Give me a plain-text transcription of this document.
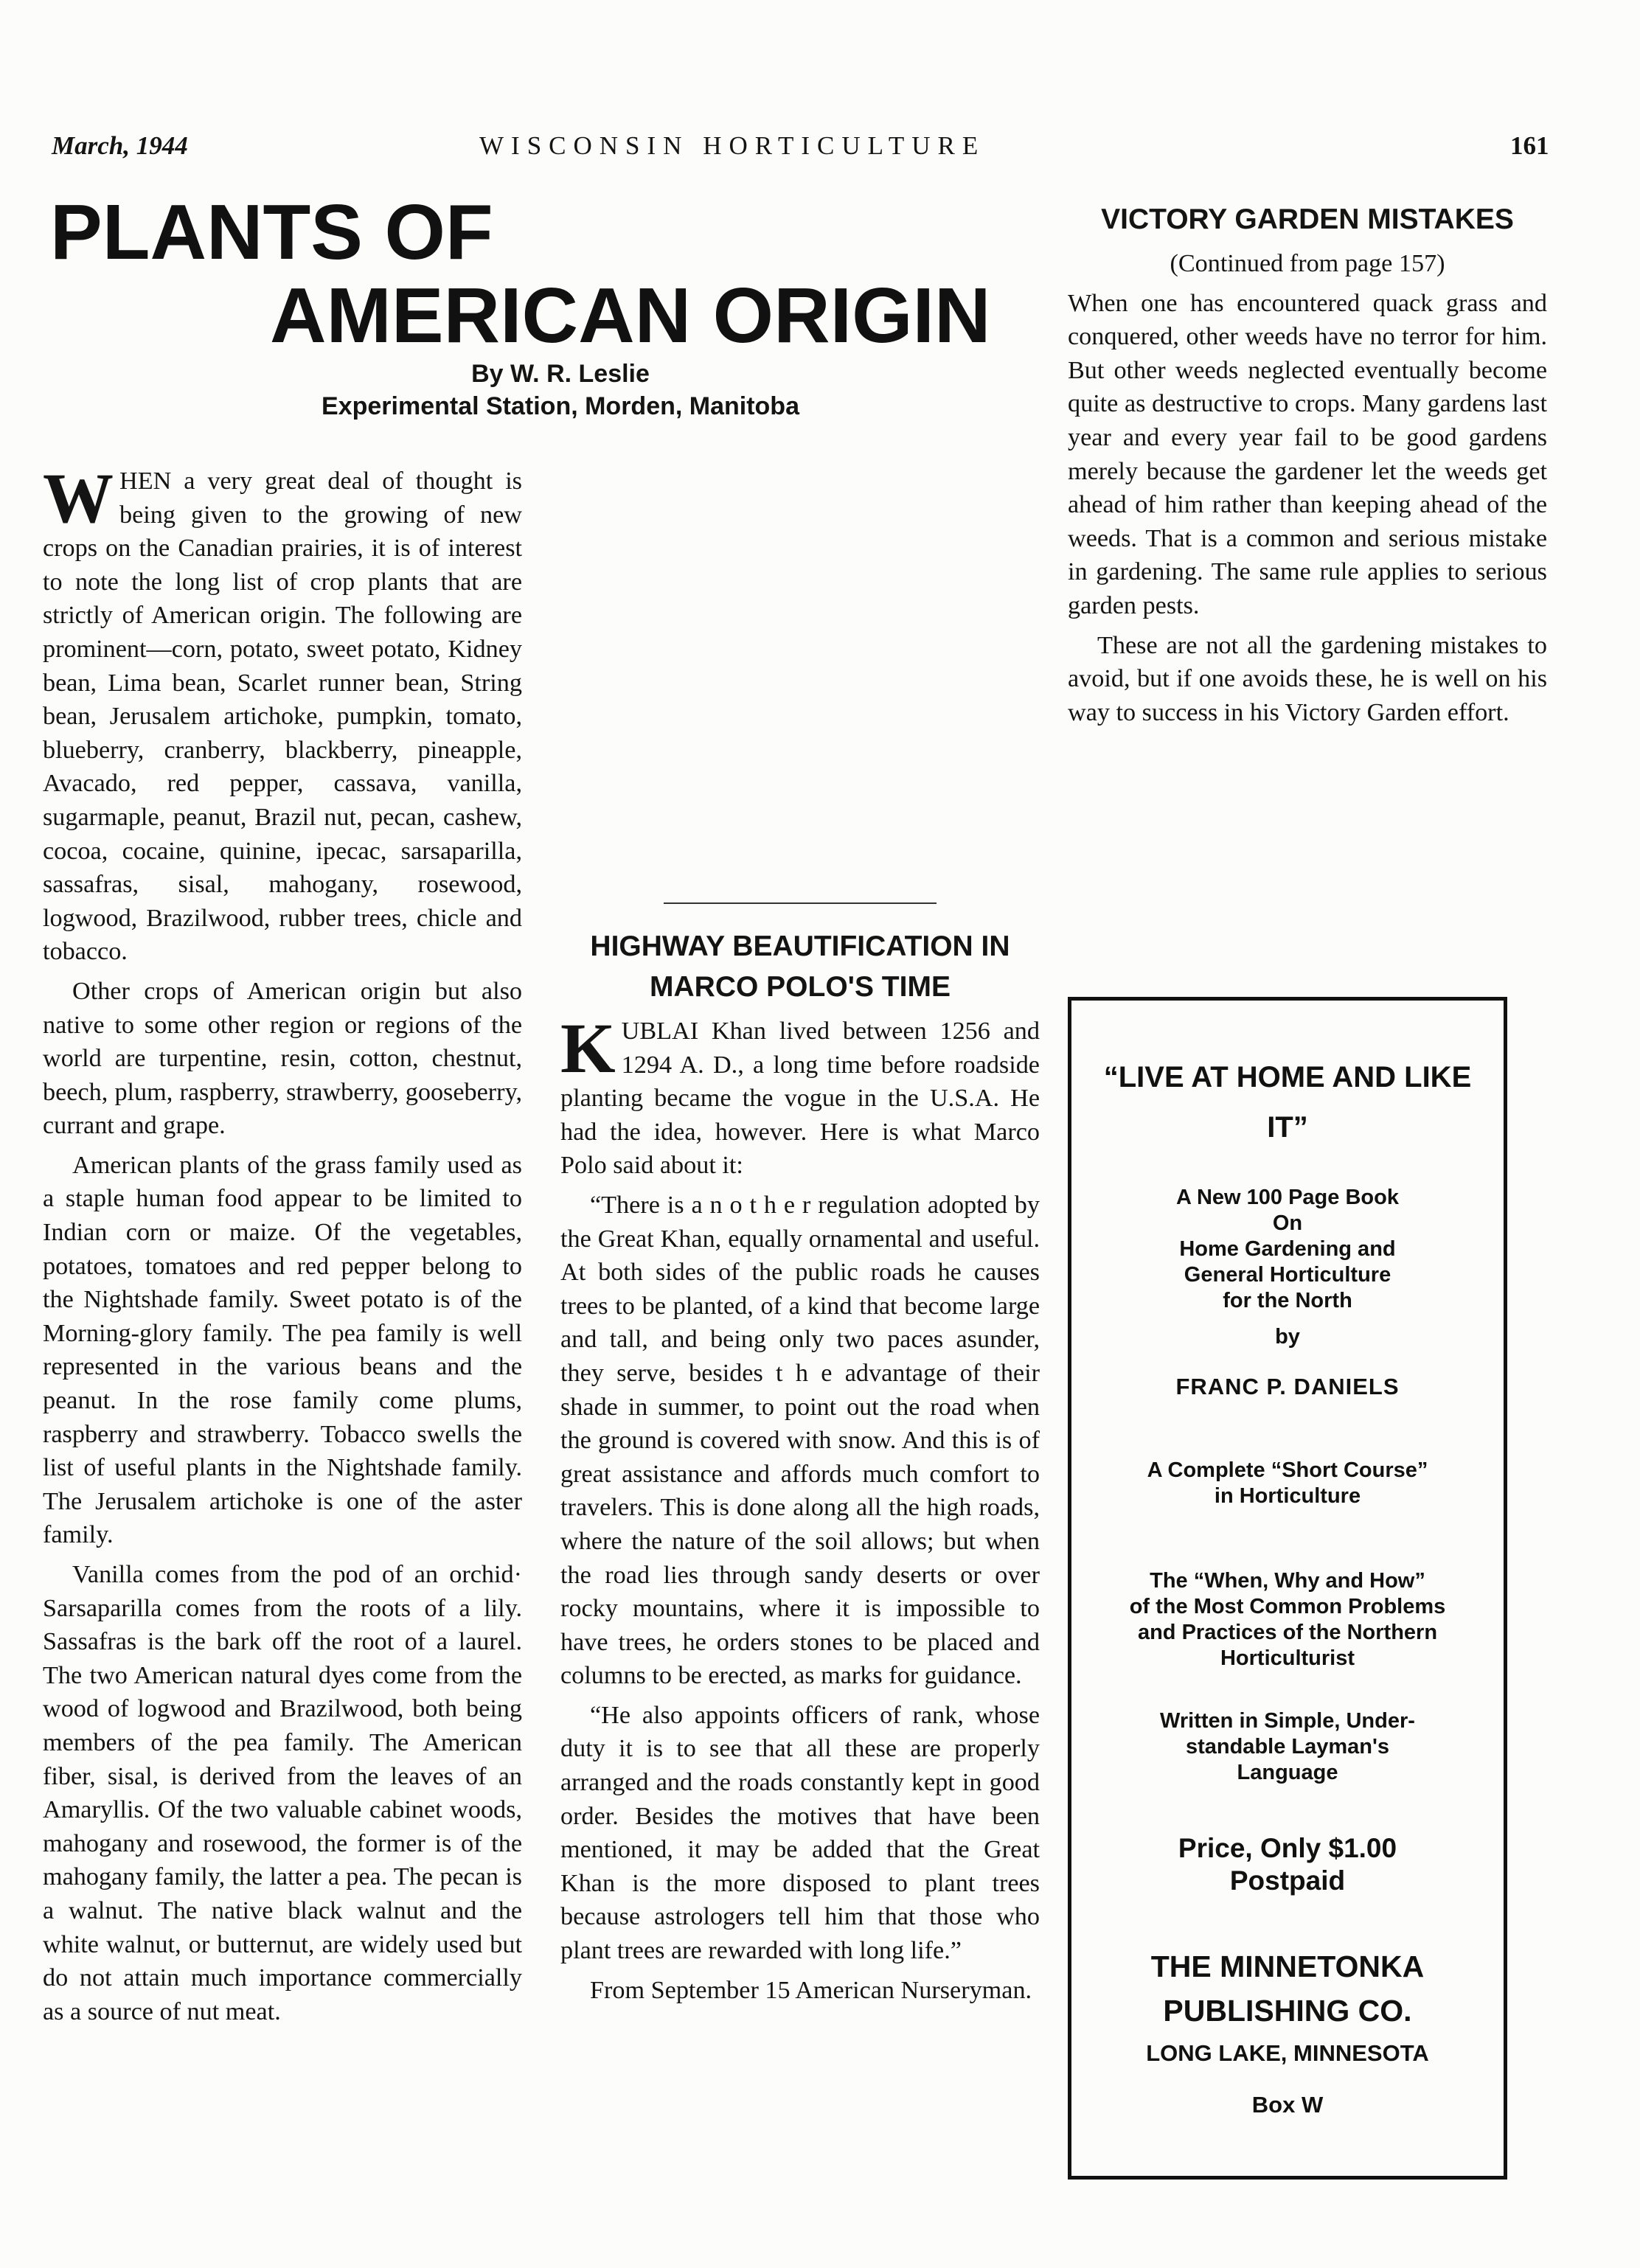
March, 1944	WISCONSIN HORTICULTURE	161
PLANTS OF
AMERICAN ORIGIN
By W. R. Leslie
Experimental Station, Morden, Manitoba

WHEN a very great deal of thought is being given to the growing of new crops on the Canadian prairies, it is of interest to note the long list of crop plants that are strictly of American origin. The following are prominent—corn, potato, sweet potato, Kidney bean, Lima bean, Scarlet runner bean, String bean, Jerusalem artichoke, pumpkin, tomato, blueberry, cranberry, blackberry, pineapple, Avacado, red pepper, cassava, vanilla, sugarmaple, peanut, Brazil nut, pecan, cashew, cocoa, cocaine, quinine, ipecac, sarsaparilla, sassafras, sisal, mahogany, rosewood, logwood, Brazilwood, rubber trees, chicle and tobacco.

Other crops of American origin but also native to some other region or regions of the world are turpentine, resin, cotton, chestnut, beech, plum, raspberry, strawberry, gooseberry, currant and grape.

American plants of the grass family used as a staple human food appear to be limited to Indian corn or maize. Of the vegetables, potatoes, tomatoes and red pepper belong to the Nightshade family. Sweet potato is of the Morning-glory family. The pea family is well represented in the various beans and the peanut. In the rose family come plums, raspberry and strawberry. Tobacco swells the list of useful plants in the Nightshade family. The Jerusalem artichoke is one of the aster family.

Vanilla comes from the pod of an orchid· Sarsaparilla comes from the roots of a lily. Sassafras is the bark off the root of a laurel. The two American natural dyes come from the wood of logwood and Brazilwood, both being members of the pea family. The American fiber, sisal, is derived from the leaves of an Amaryllis. Of the two valuable cabinet woods, mahogany and rosewood, the former is of the mahogany family, the latter a pea. The pecan is a walnut. The native black walnut and the white walnut, or butternut, are widely used but do not attain much importance commercially as a source of nut meat.

HIGHWAY BEAUTIFICATION IN MARCO POLO'S TIME

KUBLAI Khan lived between 1256 and 1294 A. D., a long time before roadside planting became the vogue in the U.S.A. He had the idea, however. Here is what Marco Polo said about it:

“There is a n o t h e r regulation adopted by the Great Khan, equally ornamental and useful. At both sides of the public roads he causes trees to be planted, of a kind that become large and tall, and being only two paces asunder, they serve, besides t h e advantage of their shade in summer, to point out the road when the ground is covered with snow. And this is of great assistance and affords much comfort to travelers. This is done along all the high roads, where the nature of the soil allows; but when the road lies through sandy deserts or over rocky mountains, where it is impossible to have trees, he orders stones to be placed and columns to be erected, as marks for guidance.

“He also appoints officers of rank, whose duty it is to see that all these are properly arranged and the roads constantly kept in good order. Besides the motives that have been mentioned, it may be added that the Great Khan is the more disposed to plant trees because astrologers tell him that those who plant trees are rewarded with long life.”

From September 15 American Nurseryman.

VICTORY GARDEN MISTAKES

(Continued from page 157)

When one has encountered quack grass and conquered, other weeds have no terror for him. But other weeds neglected eventually become quite as destructive to crops. Many gardens last year and every year fail to be good gardens merely because the gardener let the weeds get ahead of him rather than keeping ahead of the weeds. That is a common and serious mistake in gardening. The same rule applies to serious garden pests.

These are not all the gardening mistakes to avoid, but if one avoids these, he is well on his way to success in his Victory Garden effort.

“LIVE AT HOME AND LIKE IT”
A New 100 Page Book
On
Home Gardening and
General Horticulture
for the North
by
FRANC P. DANIELS
A Complete “Short Course”
in Horticulture
The “When, Why and How”
of the Most Common Problems
and Practices of the Northern
Horticulturist
Written in Simple, Under-
standable Layman's
Language
Price, Only $1.00
Postpaid
THE MINNETONKA
PUBLISHING CO.
LONG LAKE, MINNESOTA
Box W
